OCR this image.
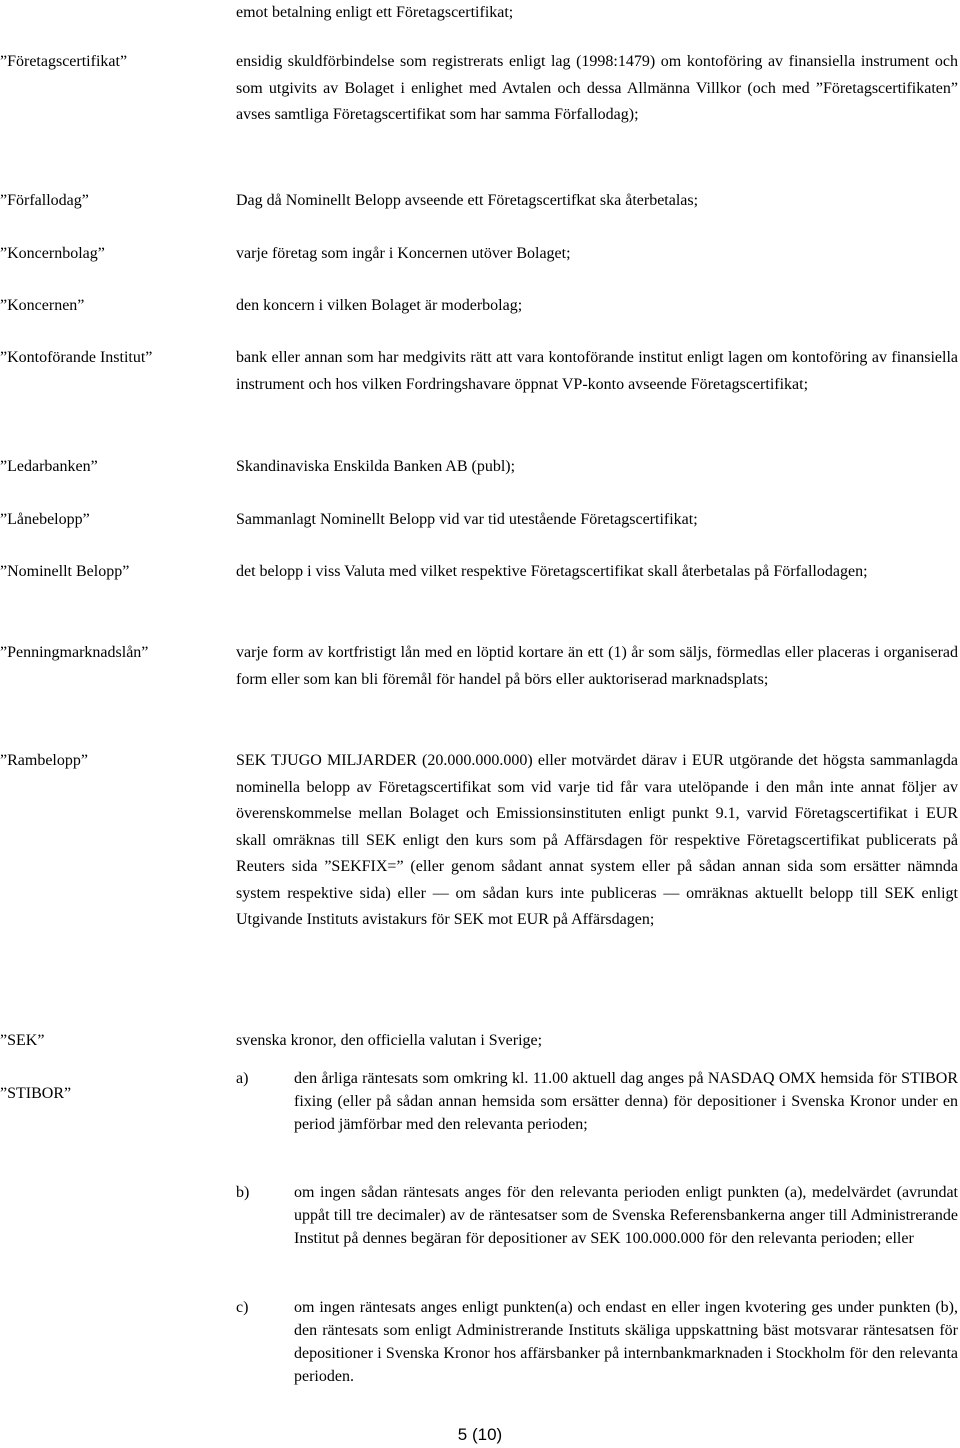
emot betalning enligt ett Företagscertifikat;
”Företagscertifikat”	ensidig skuldförbindelse som registrerats enligt lag (1998:1479) om kontoföring av finansiella instrument och som utgivits av Bolaget i enlighet med Avtalen och dessa Allmänna Villkor (och med ”Företagscertifikaten” avses samtliga Företagscertifikat som har samma Förfallodag);
”Förfallodag”	Dag då Nominellt Belopp avseende ett Företagscertifkat ska återbetalas;
”Koncernbolag”	varje företag som ingår i Koncernen utöver Bolaget;
”Koncernen”	den koncern i vilken Bolaget är moderbolag;
”Kontoförande Institut”	bank eller annan som har medgivits rätt att vara kontoförande institut enligt lagen om kontoföring av finansiella instrument och hos vilken Fordringshavare öppnat VP-konto avseende Företagscertifikat;
”Ledarbanken”	Skandinaviska Enskilda Banken AB (publ);
”Lånebelopp”	Sammanlagt Nominellt Belopp vid var tid utestående Företagscertifikat;
”Nominellt Belopp”	det belopp i viss Valuta med vilket respektive Företagscertifikat skall återbetalas på Förfallodagen;
”Penningmarknadslån”	varje form av kortfristigt lån med en löptid kortare än ett (1) år som säljs, förmedlas eller placeras i organiserad form eller som kan bli föremål för handel på börs eller auktoriserad marknadsplats;
”Rambelopp”	SEK TJUGO MILJARDER (20.000.000.000) eller motvärdet därav i EUR utgörande det högsta sammanlagda nominella belopp av Företagscertifikat som vid varje tid får vara utelöpande i den mån inte annat följer av överenskommelse mellan Bolaget och Emissionsinstituten enligt punkt 9.1, varvid Företagscertifikat i EUR skall omräknas till SEK enligt den kurs som på Affärsdagen för respektive Företagscertifikat publicerats på Reuters sida ”SEKFIX=” (eller genom sådant annat system eller på sådan annan sida som ersätter nämnda system respektive sida) eller — om sådan kurs inte publiceras — omräknas aktuellt belopp till SEK enligt Utgivande Instituts avistakurs för SEK mot EUR på Affärsdagen;
”SEK”	svenska kronor, den officiella valutan i Sverige;
”STIBOR”
a)	den årliga räntesats som omkring kl. 11.00 aktuell dag anges på NASDAQ OMX hemsida för STIBOR fixing (eller på sådan annan hemsida som ersätter denna) för depositioner i Svenska Kronor under en period jämförbar med den relevanta perioden;
b)	om ingen sådan räntesats anges för den relevanta perioden enligt punkten (a), medelvärdet (avrundat uppåt till tre decimaler) av de räntesatser som de Svenska Referensbankerna anger till Administrerande Institut på dennes begäran för depositioner av SEK 100.000.000 för den relevanta perioden; eller
c)	om ingen räntesats anges enligt punkten(a) och endast en eller ingen kvotering ges under punkten (b), den räntesats som enligt Administrerande Instituts skäliga uppskattning bäst motsvarar räntesatsen för depositioner i Svenska Kronor hos affärsbanker på internbankmarknaden i Stockholm för den relevanta perioden.
5 (10)
